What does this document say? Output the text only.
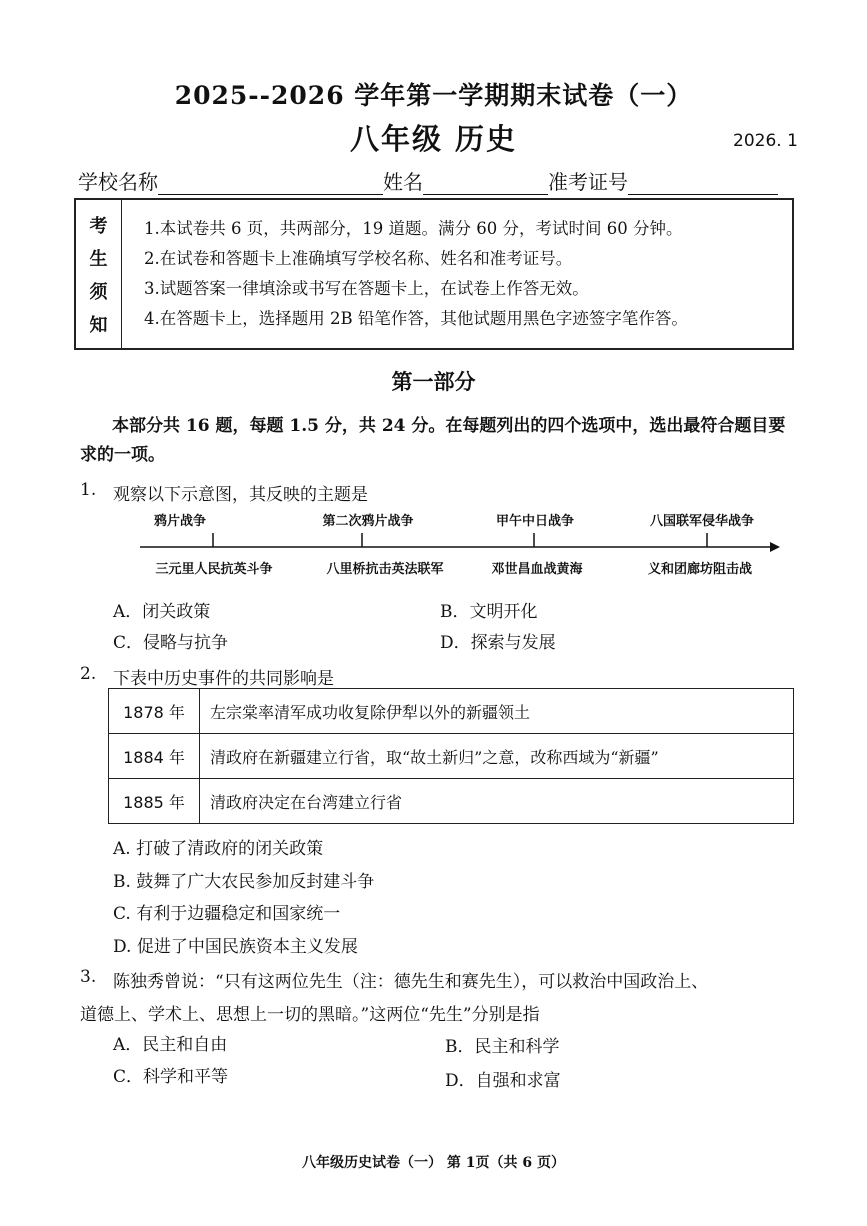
2025--2026 学年第一学期期末试卷（一）
八年级 历史	2026. 1
学校名称	姓名	准考证号
考
生
须
知
1.本试卷共 6 页，共两部分，19 道题。满分 60 分，考试时间 60 分钟。
2.在试卷和答题卡上准确填写学校名称、姓名和准考证号。
3.试题答案一律填涂或书写在答题卡上，在试卷上作答无效。
4.在答题卡上，选择题用 2B 铅笔作答，其他试题用黑色字迹签字笔作答。
第一部分
本部分共 16 题，每题 1.5 分，共 24 分。在每题列出的四个选项中，选出最符合题目要求的一项。
1. 观察以下示意图，其反映的主题是
鸦片战争	第二次鸦片战争	甲午中日战争	八国联军侵华战争
三元里人民抗英斗争	八里桥抗击英法联军	邓世昌血战黄海	义和团廊坊阻击战
A．闭关政策	B．文明开化
C．侵略与抗争	D．探索与发展
2. 下表中历史事件的共同影响是
1878 年	左宗棠率清军成功收复除伊犁以外的新疆领土
1884 年	清政府在新疆建立行省，取“故土新归”之意，改称西域为“新疆”
1885 年	清政府决定在台湾建立行省
A. 打破了清政府的闭关政策
B. 鼓舞了广大农民参加反封建斗争
C. 有利于边疆稳定和国家统一
D. 促进了中国民族资本主义发展
3. 陈独秀曾说：“只有这两位先生（注：德先生和赛先生），可以救治中国政治上、
道德上、学术上、思想上一切的黑暗。”这两位“先生”分别是指
A．民主和自由	B．民主和科学
C．科学和平等	D．自强和求富
八年级历史试卷（一） 第 1页（共 6 页）
